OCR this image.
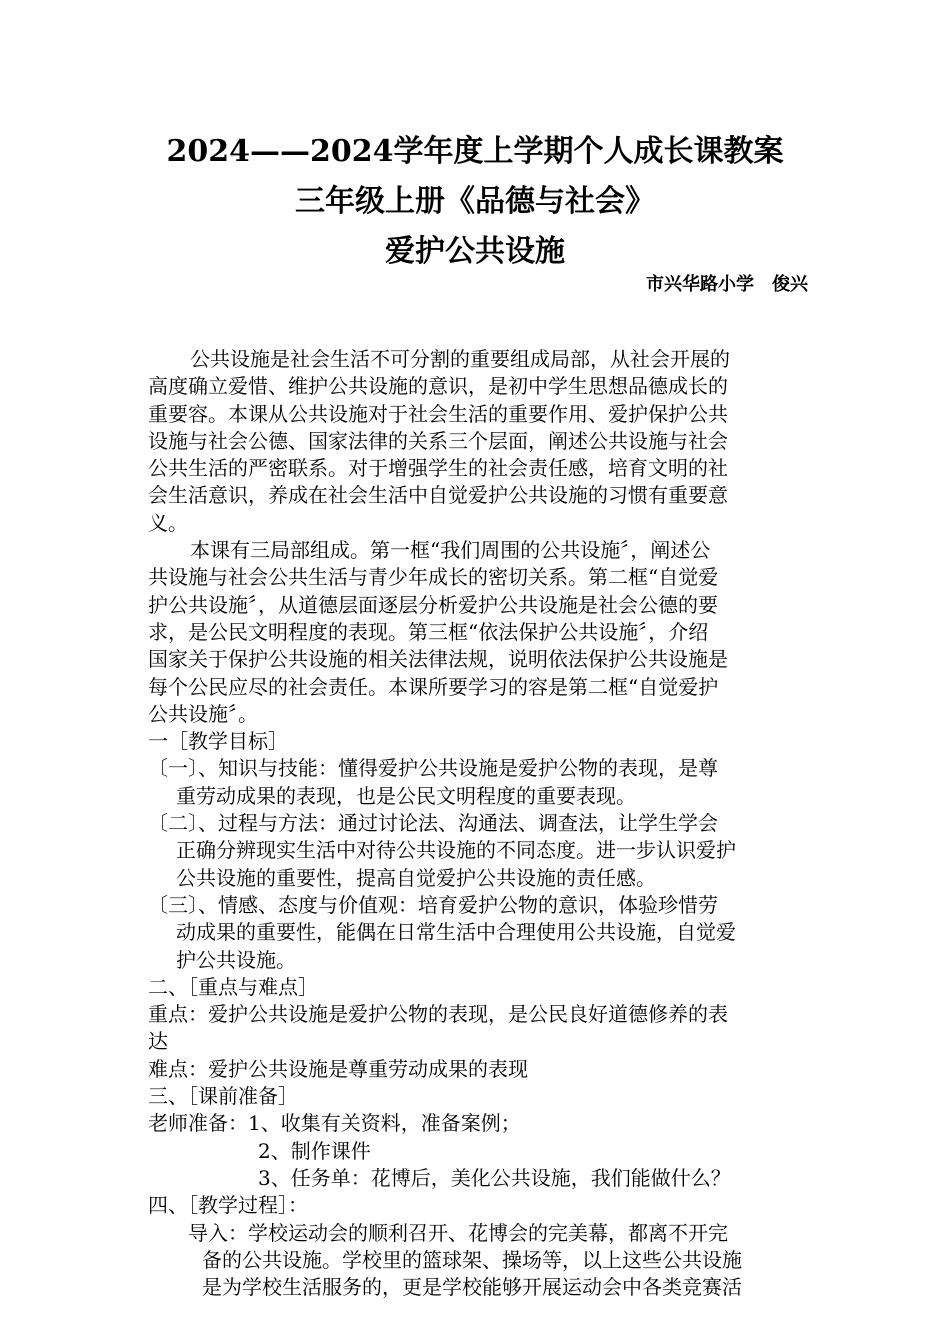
2024——2024学年度上学期个人成长课教案
三年级上册《品德与社会》
爱护公共设施
市兴华路小学　俊兴
公共设施是社会生活不可分割的重要组成局部，从社会开展的
高度确立爱惜、维护公共设施的意识，是初中学生思想品德成长的
重要容。本课从公共设施对于社会生活的重要作用、爱护保护公共
设施与社会公德、国家法律的关系三个层面，阐述公共设施与社会
公共生活的严密联系。对于增强学生的社会责任感，培育文明的社
会生活意识，养成在社会生活中自觉爱护公共设施的习惯有重要意
义。
本课有三局部组成。第一框“我们周围的公共设施〞，阐述公
共设施与社会公共生活与青少年成长的密切关系。第二框“自觉爱
护公共设施〞，从道德层面逐层分析爱护公共设施是社会公德的要
求，是公民文明程度的表现。第三框“依法保护公共设施〞，介绍
国家关于保护公共设施的相关法律法规，说明依法保护公共设施是
每个公民应尽的社会责任。本课所要学习的容是第二框“自觉爱护
公共设施〞。
一［教学目标］
〔一〕、知识与技能：懂得爱护公共设施是爱护公物的表现，是尊
重劳动成果的表现，也是公民文明程度的重要表现。
〔二〕、过程与方法：通过讨论法、沟通法、调查法，让学生学会
正确分辨现实生活中对待公共设施的不同态度。进一步认识爱护
公共设施的重要性，提高自觉爱护公共设施的责任感。
〔三〕、情感、态度与价值观：培育爱护公物的意识，体验珍惜劳
动成果的重要性，能偶在日常生活中合理使用公共设施，自觉爱
护公共设施。
二、［重点与难点］
重点：爱护公共设施是爱护公物的表现，是公民良好道德修养的表
达
难点：爱护公共设施是尊重劳动成果的表现
三、［课前准备］
老师准备：1、收集有关资料，准备案例；
2、制作课件
3、任务单：花博后，美化公共设施，我们能做什么？
四、［教学过程］：
导入：学校运动会的顺利召开、花博会的完美幕，都离不开完
备的公共设施。学校里的篮球架、操场等，以上这些公共设施
是为学校生活服务的，更是学校能够开展运动会中各类竞赛活
